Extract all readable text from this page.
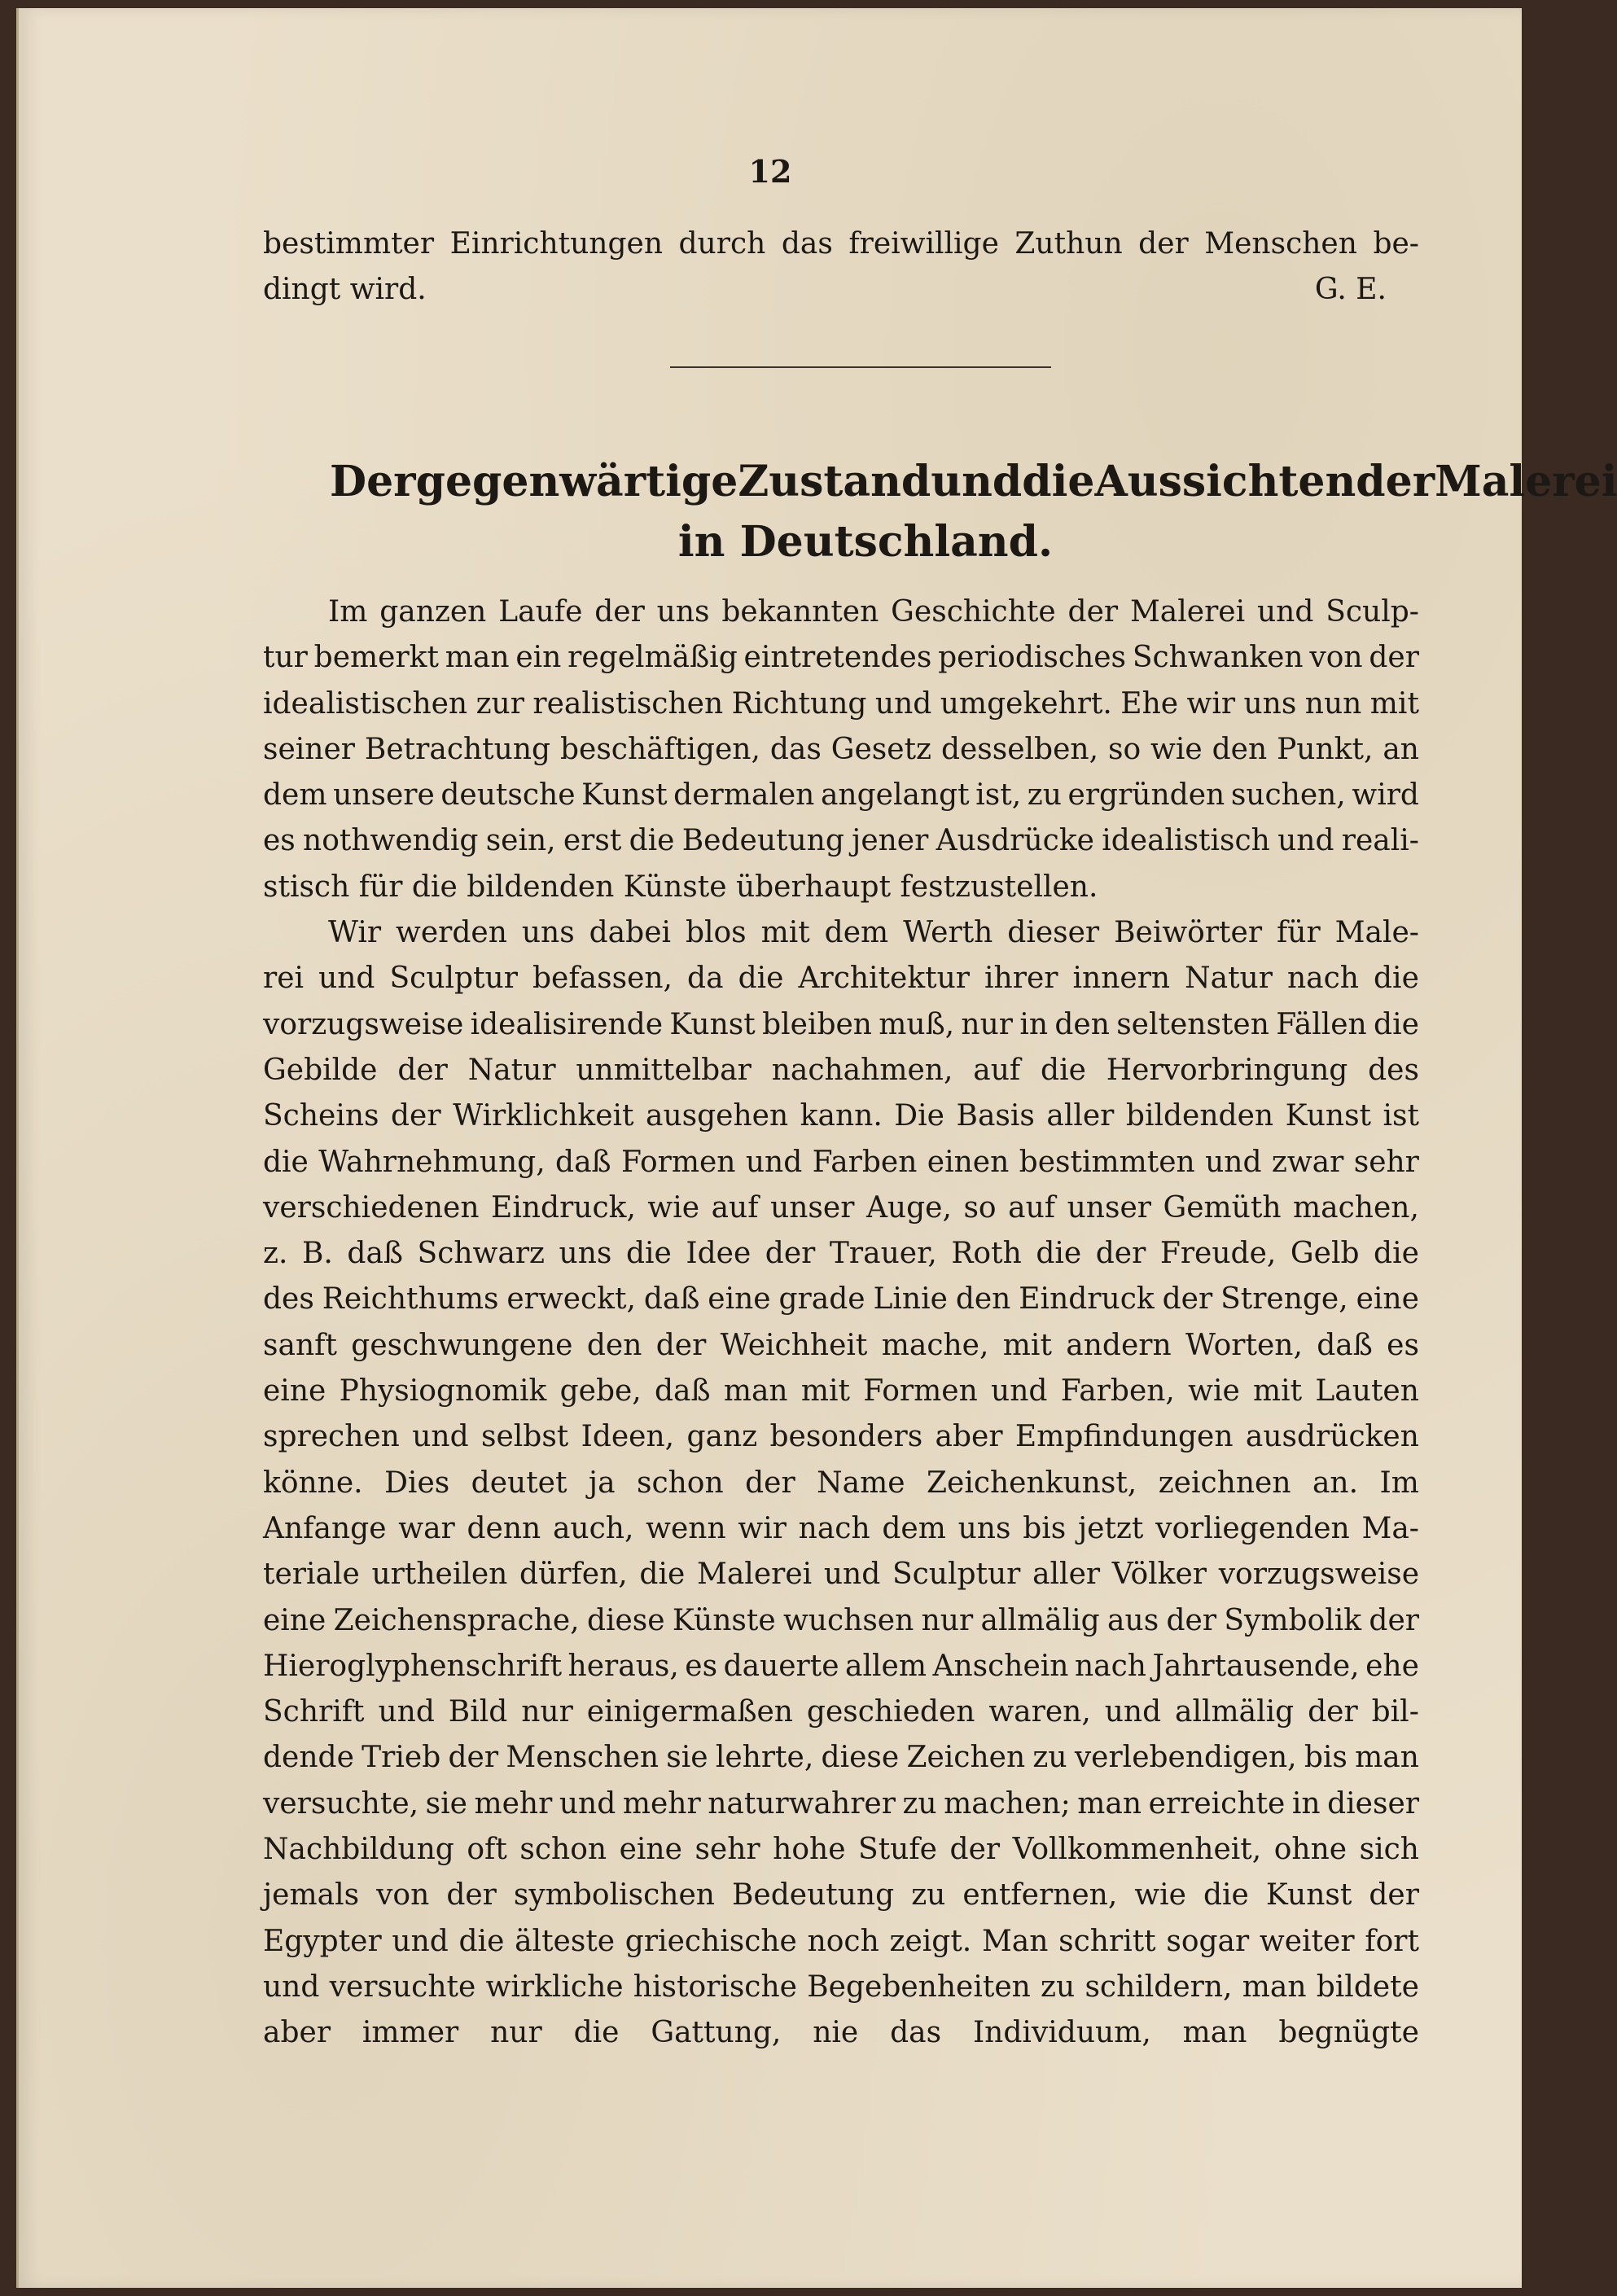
12
bestimmter Einrichtungen durch das freiwillige Zuthun der Menschen be-
dingt wird.	G. E.
Der gegenwärtige Zustand und die Aussichten der Malerei
in Deutschland.
Im ganzen Laufe der uns bekannten Geschichte der Malerei und Sculp-
tur bemerkt man ein regelmäßig eintretendes periodisches Schwanken von der
idealistischen zur realistischen Richtung und umgekehrt. Ehe wir uns nun mit
seiner Betrachtung beschäftigen, das Gesetz desselben, so wie den Punkt, an
dem unsere deutsche Kunst dermalen angelangt ist, zu ergründen suchen, wird
es nothwendig sein, erst die Bedeutung jener Ausdrücke idealistisch und reali-
stisch für die bildenden Künste überhaupt festzustellen.
Wir werden uns dabei blos mit dem Werth dieser Beiwörter für Male-
rei und Sculptur befassen, da die Architektur ihrer innern Natur nach die
vorzugsweise idealisirende Kunst bleiben muß, nur in den seltensten Fällen die
Gebilde der Natur unmittelbar nachahmen, auf die Hervorbringung des
Scheins der Wirklichkeit ausgehen kann. Die Basis aller bildenden Kunst ist
die Wahrnehmung, daß Formen und Farben einen bestimmten und zwar sehr
verschiedenen Eindruck, wie auf unser Auge, so auf unser Gemüth machen,
z. B. daß Schwarz uns die Idee der Trauer, Roth die der Freude, Gelb die
des Reichthums erweckt, daß eine grade Linie den Eindruck der Strenge, eine
sanft geschwungene den der Weichheit mache, mit andern Worten, daß es
eine Physiognomik gebe, daß man mit Formen und Farben, wie mit Lauten
sprechen und selbst Ideen, ganz besonders aber Empfindungen ausdrücken
könne. Dies deutet ja schon der Name Zeichenkunst, zeichnen an. Im
Anfange war denn auch, wenn wir nach dem uns bis jetzt vorliegenden Ma-
teriale urtheilen dürfen, die Malerei und Sculptur aller Völker vorzugsweise
eine Zeichensprache, diese Künste wuchsen nur allmälig aus der Symbolik der
Hieroglyphenschrift heraus, es dauerte allem Anschein nach Jahrtausende, ehe
Schrift und Bild nur einigermaßen geschieden waren, und allmälig der bil-
dende Trieb der Menschen sie lehrte, diese Zeichen zu verlebendigen, bis man
versuchte, sie mehr und mehr naturwahrer zu machen; man erreichte in dieser
Nachbildung oft schon eine sehr hohe Stufe der Vollkommenheit, ohne sich
jemals von der symbolischen Bedeutung zu entfernen, wie die Kunst der
Egypter und die älteste griechische noch zeigt. Man schritt sogar weiter fort
und versuchte wirkliche historische Begebenheiten zu schildern, man bildete
aber immer nur die Gattung, nie das Individuum, man begnügte
